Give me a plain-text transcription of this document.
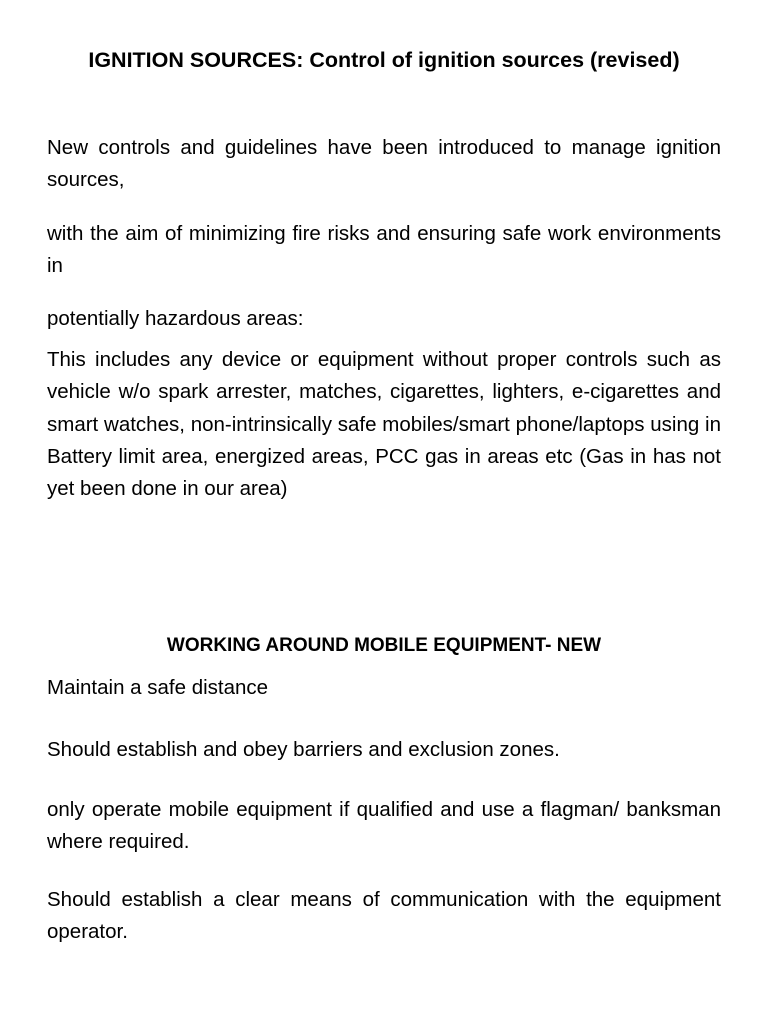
IGNITION SOURCES: Control of ignition sources (revised)

New controls and guidelines have been introduced to manage ignition sources,

with the aim of minimizing fire risks and ensuring safe work environments in

potentially hazardous areas:

This includes any device or equipment without proper controls such as vehicle w/o spark arrester, matches, cigarettes, lighters, e-cigarettes and smart watches, non-intrinsically safe mobiles/smart phone/laptops using in Battery limit area, energized areas, PCC gas in areas etc (Gas in has not yet been done in our area)

WORKING AROUND MOBILE EQUIPMENT- NEW

Maintain a safe distance

Should establish and obey barriers and exclusion zones.

only operate mobile equipment if qualified and use a flagman/ banksman where required.

Should establish a clear means of communication with the equipment operator.
